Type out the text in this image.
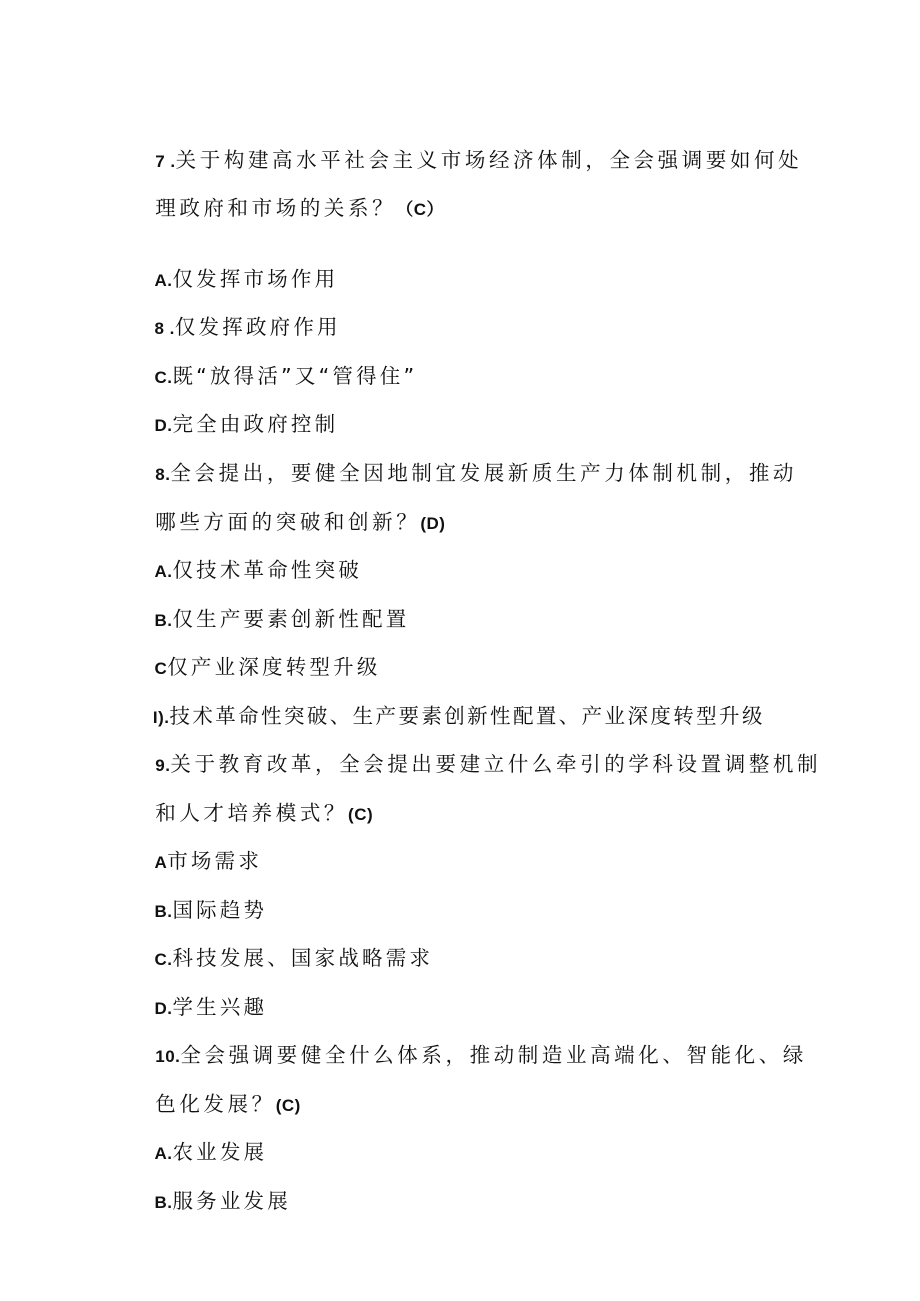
7 .关于构建高水平社会主义市场经济体制，全会强调要如何处

理政府和市场的关系？（C）

A.仅发挥市场作用

8 .仅发挥政府作用

C.既“放得活”又“管得住”

D.完全由政府控制

8.全会提出，要健全因地制宜发展新质生产力体制机制，推动

哪些方面的突破和创新？(D)

A.仅技术革命性突破

B.仅生产要素创新性配置

C仅产业深度转型升级

I).技术革命性突破、生产要素创新性配置、产业深度转型升级

9.关于教育改革，全会提出要建立什么牵引的学科设置调整机制

和人才培养模式？(C)

A市场需求

B.国际趋势

C.科技发展、国家战略需求

D.学生兴趣

10.全会强调要健全什么体系，推动制造业高端化、智能化、绿

色化发展？(C)

A.农业发展

B.服务业发展
